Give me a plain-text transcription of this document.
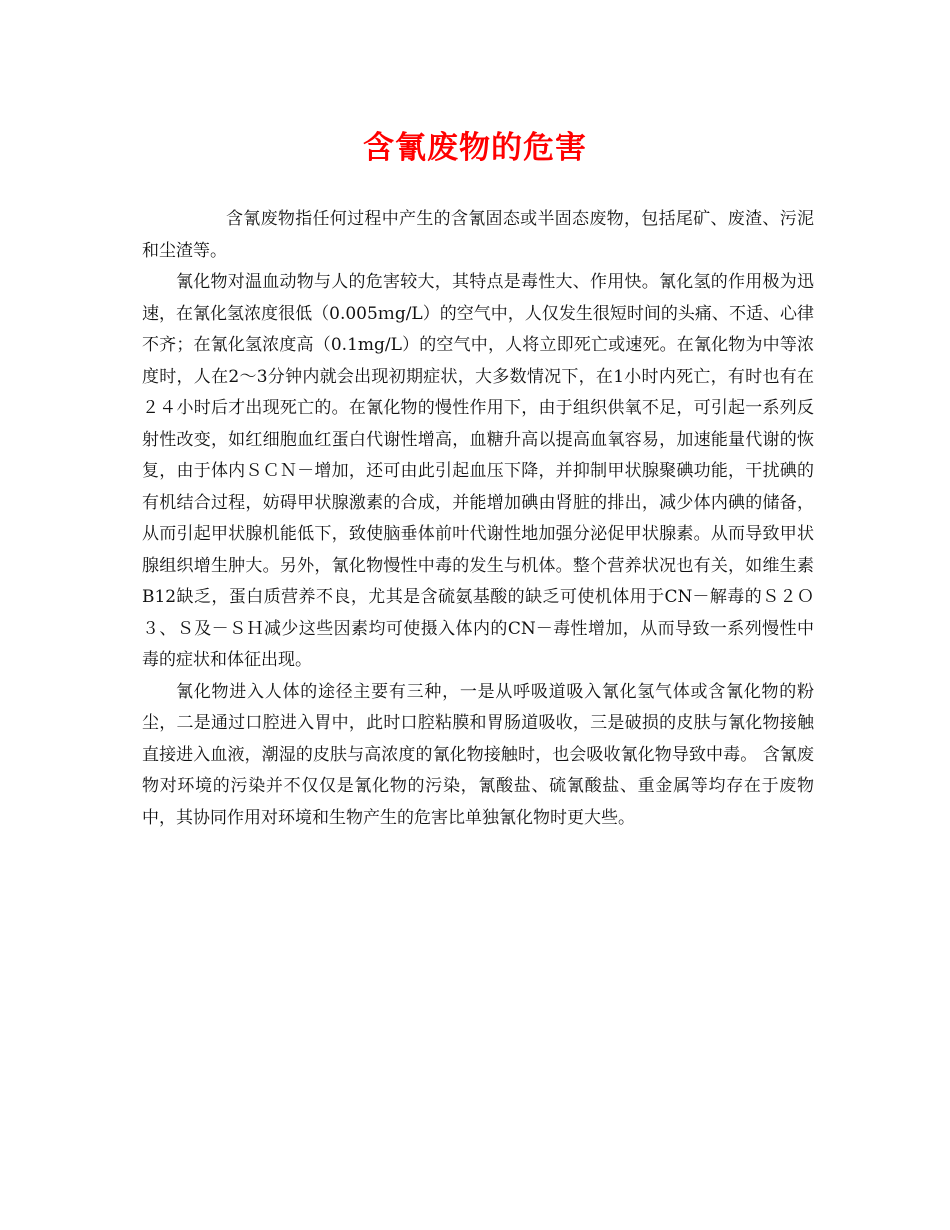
含氰废物的危害

含氰废物指任何过程中产生的含氰固态或半固态废物，包括尾矿、废渣、污泥和尘渣等。

氰化物对温血动物与人的危害较大，其特点是毒性大、作用快。氰化氢的作用极为迅速，在氰化氢浓度很低（0.005ｍg/L）的空气中，人仅发生很短时间的头痛、不适、心律不齐；在氰化氢浓度高（0.1mg/L）的空气中，人将立即死亡或速死。在氰化物为中等浓度时，人在2～3分钟内就会出现初期症状，大多数情况下，在1小时内死亡，有时也有在２４小时后才出现死亡的。在氰化物的慢性作用下，由于组织供氧不足，可引起一系列反射性改变，如红细胞血红蛋白代谢性增高，血糖升高以提高血氧容易，加速能量代谢的恢复，由于体内ＳＣＮ－增加，还可由此引起血压下降，并抑制甲状腺聚碘功能，干扰碘的有机结合过程，妨碍甲状腺激素的合成，并能增加碘由肾脏的排出，减少体内碘的储备，从而引起甲状腺机能低下，致使脑垂体前叶代谢性地加强分泌促甲状腺素。从而导致甲状腺组织增生肿大。另外，氰化物慢性中毒的发生与机体。整个营养状况也有关，如维生素B12缺乏，蛋白质营养不良，尤其是含硫氨基酸的缺乏可使机体用于CN－解毒的Ｓ２Ｏ３、Ｓ及－ＳＨ减少这些因素均可使摄入体内的CN－毒性增加，从而导致一系列慢性中毒的症状和体征出现。

氰化物进入人体的途径主要有三种，一是从呼吸道吸入氰化氢气体或含氰化物的粉尘，二是通过口腔进入胃中，此时口腔粘膜和胃肠道吸收，三是破损的皮肤与氰化物接触直接进入血液，潮湿的皮肤与高浓度的氰化物接触时，也会吸收氰化物导致中毒。 含氰废物对环境的污染并不仅仅是氰化物的污染，氰酸盐、硫氰酸盐、重金属等均存在于废物中，其协同作用对环境和生物产生的危害比单独氰化物时更大些。
